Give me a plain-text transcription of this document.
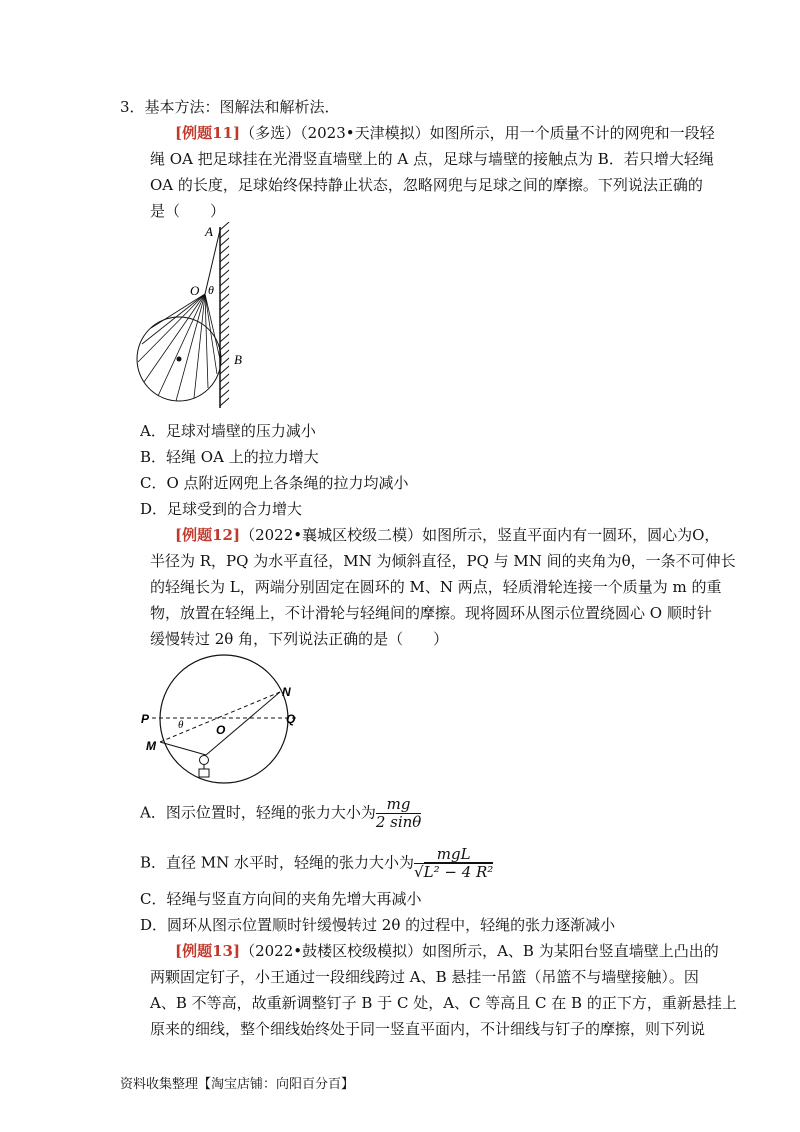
3．基本方法：图解法和解析法．
[例题11]（多选）（2023•天津模拟）如图所示，用一个质量不计的网兜和一段轻
绳 OA 把足球挂在光滑竖直墙壁上的 A 点，足球与墙壁的接触点为 B．若只增大轻绳
OA 的长度，足球始终保持静止状态，忽略网兜与足球之间的摩擦。下列说法正确的
是（　　）
A
O θ
B
A．足球对墙壁的压力减小
B．轻绳 OA 上的拉力增大
C．O 点附近网兜上各条绳的拉力均减小
D．足球受到的合力增大
[例题12]（2022•襄城区校级二模）如图所示，竖直平面内有一圆环，圆心为O，
半径为 R，PQ 为水平直径，MN 为倾斜直径，PQ 与 MN 间的夹角为θ，一条不可伸长
的轻绳长为 L，两端分别固定在圆环的 M、N 两点，轻质滑轮连接一个质量为 m 的重
物，放置在轻绳上，不计滑轮与轻绳间的摩擦。现将圆环从图示位置绕圆心 O 顺时针
缓慢转过 2θ 角，下列说法正确的是（　　）
P	Q
N
M
O
θ
A．图示位置时，轻绳的张力大小为 $\frac{mg}{2 \sin\theta}$
B．直径 MN 水平时，轻绳的张力大小为 $\frac{\text{mgL}}{\text{√L² − 4 R²}}$
C．轻绳与竖直方向间的夹角先增大再减小
D．圆环从图示位置顺时针缓慢转过 2θ 的过程中，轻绳的张力逐渐减小
[例题13]（2022•鼓楼区校级模拟）如图所示，A、B 为某阳台竖直墙壁上凸出的
两颗固定钉子，小王通过一段细线跨过 A、B 悬挂一吊篮（吊篮不与墙壁接触）。因
A、B 不等高，故重新调整钉子 B 于 C 处，A、C 等高且 C 在 B 的正下方，重新悬挂上
原来的细线，整个细线始终处于同一竖直平面内，不计细线与钉子的摩擦，则下列说
资料收集整理【淘宝店铺：向阳百分百】
